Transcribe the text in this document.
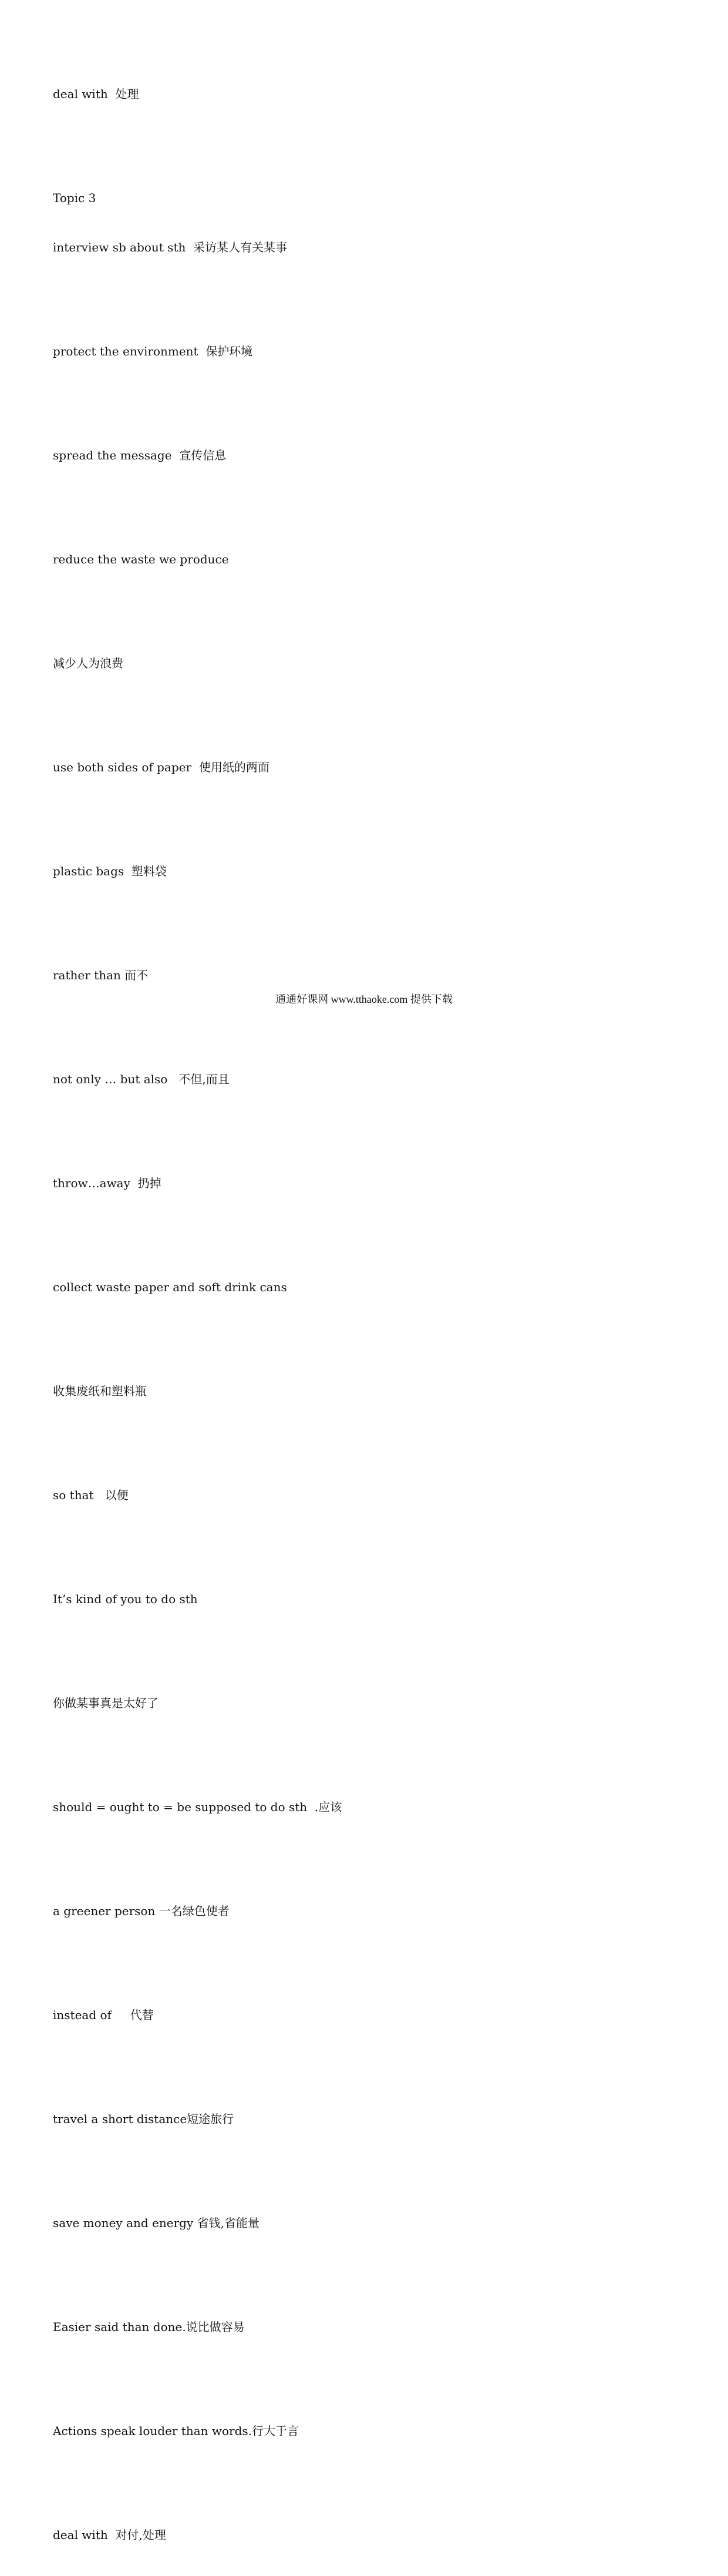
deal with  处理

Topic 3

interview sb about sth  采访某人有关某事

protect the environment  保护环境

spread the message  宣传信息

reduce the waste we produce

减少人为浪费

use both sides of paper  使用纸的两面

plastic bags  塑料袋

rather than 而不

not only … but also   不但,而且

throw…away  扔掉

collect waste paper and soft drink cans

收集废纸和塑料瓶

so that   以便

It’s kind of you to do sth

你做某事真是太好了

should = ought to = be supposed to do sth  .应该

a greener person 一名绿色使者

instead of     代替

travel a short distance短途旅行

save money and energy 省钱,省能量

Easier said than done.说比做容易

Actions speak louder than words.行大于言

deal with  对付,处理

通通好课网 www.tthaoke.com 提供下载
